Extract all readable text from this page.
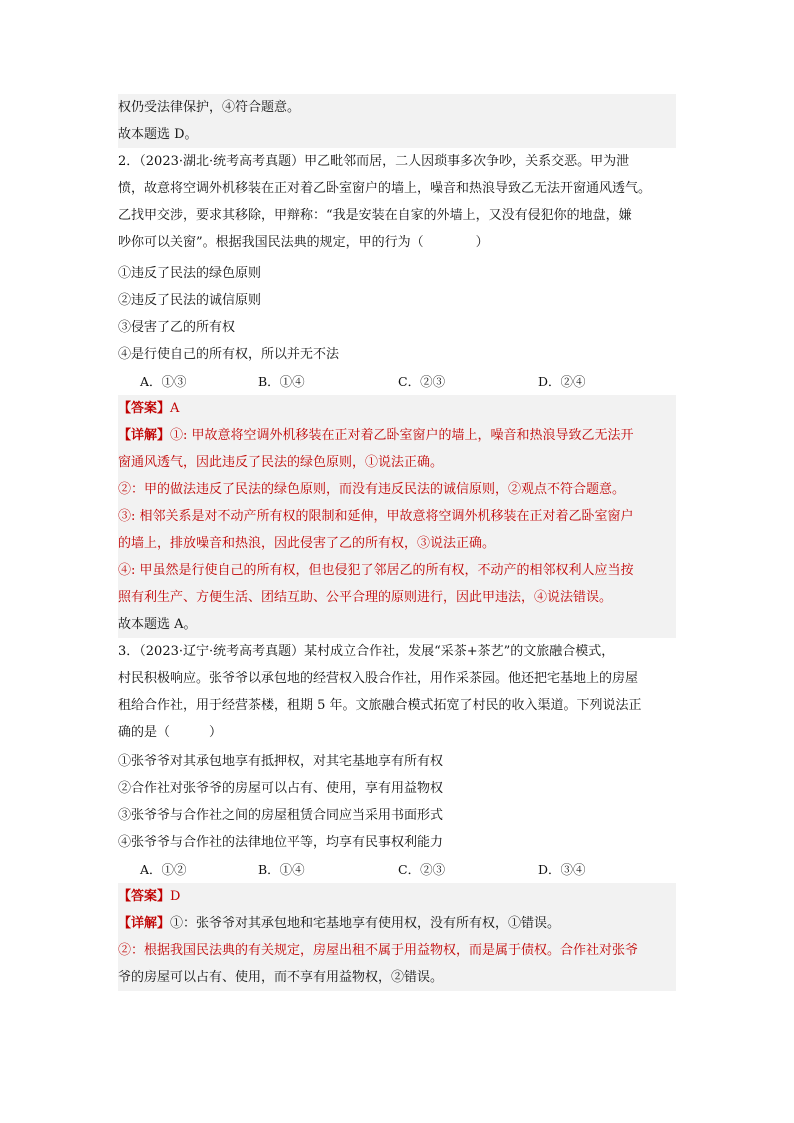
权仍受法律保护，④符合题意。
故本题选 D。
2．（2023·湖北·统考高考真题）甲乙毗邻而居，二人因琐事多次争吵，关系交恶。甲为泄
愤，故意将空调外机移装在正对着乙卧室窗户的墙上，噪音和热浪导致乙无法开窗通风透气。
乙找甲交涉，要求其移除，甲辩称：“我是安装在自家的外墙上，又没有侵犯你的地盘，嫌
吵你可以关窗”。根据我国民法典的规定，甲的行为（　　　　）
①违反了民法的绿色原则
②违反了民法的诚信原则
③侵害了乙的所有权
④是行使自己的所有权，所以并无不法
A．①③	B．①④	C．②③	D．②④
【答案】A
【详解】①: 甲故意将空调外机移装在正对着乙卧室窗户的墙上，噪音和热浪导致乙无法开
窗通风透气，因此违反了民法的绿色原则，①说法正确。
②：甲的做法违反了民法的绿色原则，而没有违反民法的诚信原则，②观点不符合题意。
③: 相邻关系是对不动产所有权的限制和延伸，甲故意将空调外机移装在正对着乙卧室窗户
的墙上，排放噪音和热浪，因此侵害了乙的所有权，③说法正确。
④: 甲虽然是行使自己的所有权，但也侵犯了邻居乙的所有权，不动产的相邻权利人应当按
照有利生产、方便生活、团结互助、公平合理的原则进行，因此甲违法，④说法错误。
故本题选 A。
3．（2023·辽宁·统考高考真题）某村成立合作社，发展“采茶+茶艺”的文旅融合模式，
村民积极响应。张爷爷以承包地的经营权入股合作社，用作采茶园。他还把宅基地上的房屋
租给合作社，用于经营茶楼，租期 5 年。文旅融合模式拓宽了村民的收入渠道。下列说法正
确的是（　　　）
①张爷爷对其承包地享有抵押权，对其宅基地享有所有权
②合作社对张爷爷的房屋可以占有、使用，享有用益物权
③张爷爷与合作社之间的房屋租赁合同应当采用书面形式
④张爷爷与合作社的法律地位平等，均享有民事权利能力
A．①②	B．①④	C．②③	D．③④
【答案】D
【详解】①：张爷爷对其承包地和宅基地享有使用权，没有所有权，①错误。
②：根据我国民法典的有关规定，房屋出租不属于用益物权，而是属于债权。合作社对张爷
爷的房屋可以占有、使用，而不享有用益物权，②错误。
